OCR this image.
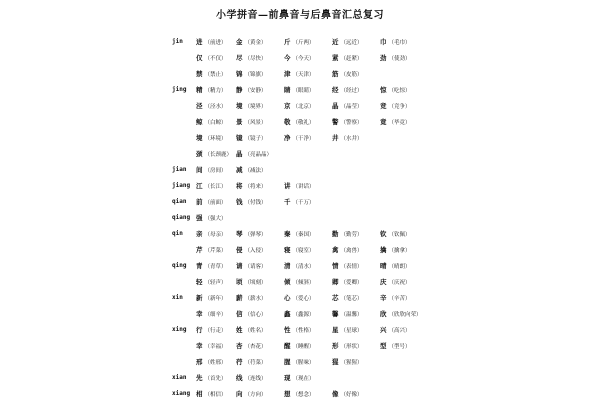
小学拼音—前鼻音与后鼻音汇总复习
jin 进 （前进） 金 （黄金）	斤 （斤两）	近 （远近）	巾 （毛巾）
仅 （不仅） 尽 （尽快）	今 （今天）	紧 （赶紧）	劲 （使劲）
禁 （禁止） 锦 （锦旗）	津 （天津）	筋 （皮筋）
jing 精 （精力） 静 （安静）	睛 （眼睛）	经 （经过）	惊 （吃惊）
泾 （泾水） 境 （境界）	京 （北京）	晶 （晶莹）	竞 （竞争）
鲸 （白鲸） 景 （风景）	敬 （敬礼）	警 （警察）	竟 （毕竟）
境 （环境） 镜 （镜子）	净 （干净）	井 （水井）
颈 （长颈鹿） 晶 （亮晶晶）
jian 间 （房间） 减 （减法）
jiang 江 （长江） 将 （将来）	讲 （讲话）
qian 前 （前面） 钱 （付钱）	千 （千万）
qiang 强 （强大）
qin 亲 （母亲） 琴 （弹琴）	秦 （秦国）	勤 （勤劳）	钦 （钦佩）
芹 （芹菜） 侵 （入侵）	寝 （寝室）	禽 （禽兽）	擒 （擒拿）
qing 青 （青草） 请 （请客）	清 （清水）	情 （表情）	晴 （晴朗）
轻 （轻声） 顷 （顷刻）	倾 （倾斜）	卿 （爱卿）	庆 （庆祝）
xin 新 （新年） 薪 （薪水）	心 （爱心）	芯 （笔芯）	辛 （辛苦）
幸 （细辛） 信 （信心）	鑫 （鑫源）	馨 （温馨）	欣 （欣欣向荣）
xing 行 （行走） 姓 （姓名）	性 （性格）	星 （星球）	兴 （高兴）
幸 （幸福） 杏 （杏花）	醒 （睡醒）	形 （形状）	型 （型号）
邢 （姓邢） 荇 （荇菜）	腥 （腥味）	猩 （猩猩）
xian 先 （首先） 线 （连线）	现 （现在）
xiang 相 （相信） 向 （方向）	想 （想念）	像 （好像）
